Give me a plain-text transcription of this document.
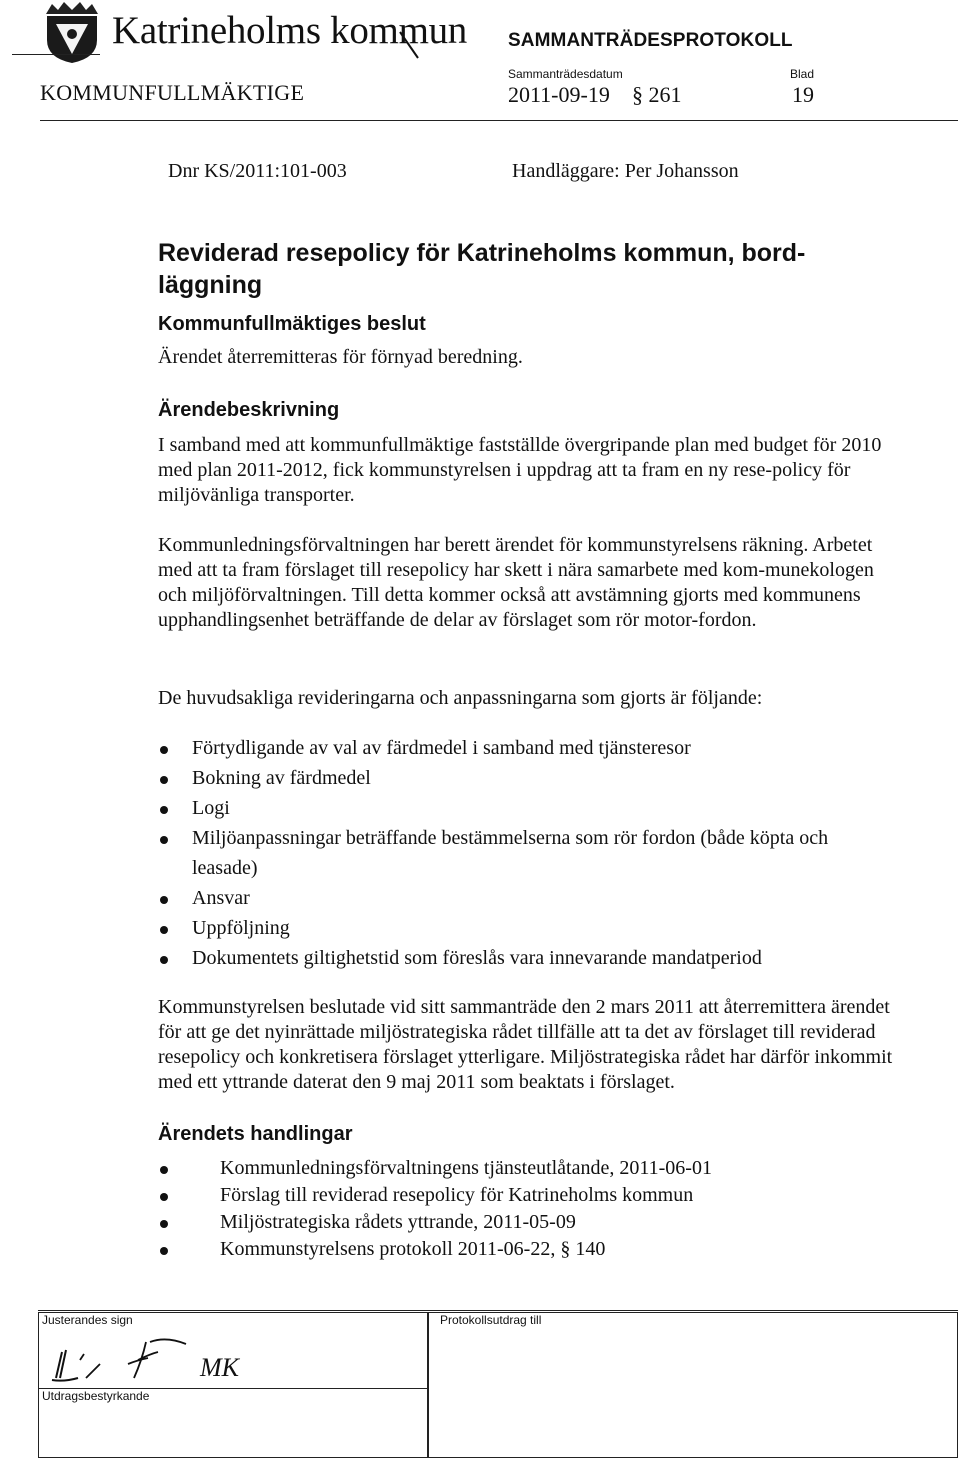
Katrineholms kommun SAMMANTRÄDESPROTOKOLL
KOMMUNFULLMÄKTIGE
Sammanträdesdatum
2011-09-19 § 261
Blad
19
Dnr KS/2011:101-003	Handläggare: Per Johansson
Reviderad resepolicy för Katrineholms kommun, bord-läggning
Kommunfullmäktiges beslut

Ärendet återremitteras för förnyad beredning.

Ärendebeskrivning

I samband med att kommunfullmäktige fastställde övergripande plan med budget för 2010 med plan 2011-2012, fick kommunstyrelsen i uppdrag att ta fram en ny rese-policy för miljövänliga transporter.

Kommunledningsförvaltningen har berett ärendet för kommunstyrelsens räkning. Arbetet med att ta fram förslaget till resepolicy har skett i nära samarbete med kom-munekologen och miljöförvaltningen. Till detta kommer också att avstämning gjorts med kommunens upphandlingsenhet beträffande de delar av förslaget som rör motor-fordon.

De huvudsakliga revideringarna och anpassningarna som gjorts är följande:

Förtydligande av val av färdmedel i samband med tjänsteresor
Bokning av färdmedel
Logi
Miljöanpassningar beträffande bestämmelserna som rör fordon (både köpta och leasade)
Ansvar
Uppföljning
Dokumentets giltighetstid som föreslås vara innevarande mandatperiod

Kommunstyrelsen beslutade vid sitt sammanträde den 2 mars 2011 att återremittera ärendet för att ge det nyinrättade miljöstrategiska rådet tillfälle att ta det av förslaget till reviderad resepolicy och konkretisera förslaget ytterligare. Miljöstrategiska rådet har därför inkommit med ett yttrande daterat den 9 maj 2011 som beaktats i förslaget.

Ärendets handlingar
Kommunledningsförvaltningens tjänsteutlåtande, 2011-06-01
Förslag till reviderad resepolicy för Katrineholms kommun
Miljöstrategiska rådets yttrande, 2011-05-09
Kommunstyrelsens protokoll 2011-06-22, § 140
Justerandes sign	Protokollsutdrag till
Utdragsbestyrkande
MK
